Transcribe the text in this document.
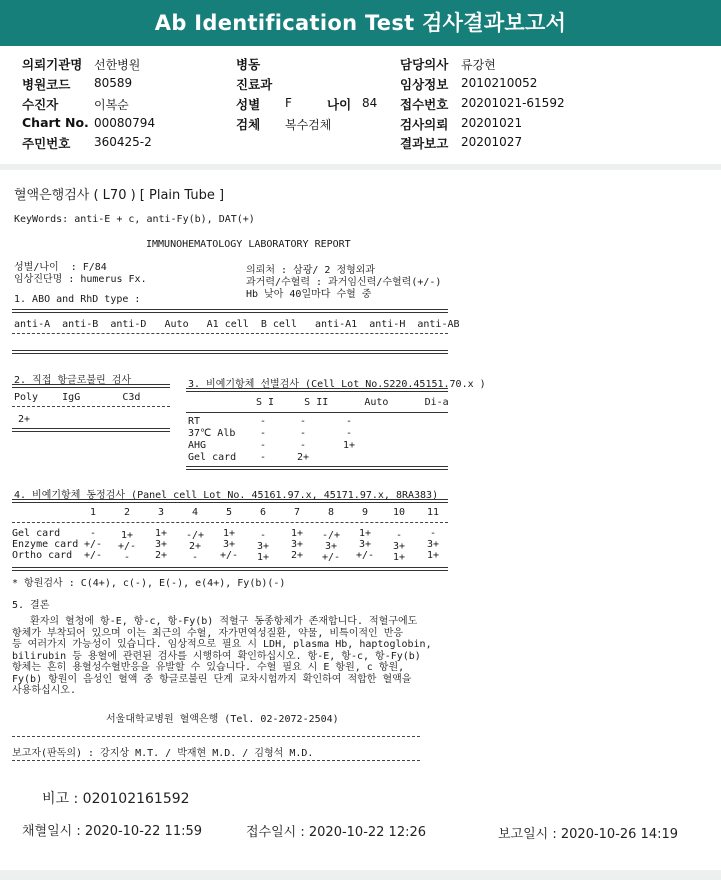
Ab Identification Test 검사결과보고서
의뢰기관명 선한병원
병원코드 80589
수진자	이복순
Chart No. 00080794
주민번호 360425-2
병동
진료과
성별 F	나이 84
검체 복수검체
담당의사 류강현
임상정보 2010210052
접수번호 20201021-61592
검사의뢰 20201021
결과보고 20201027
혈액은행검사 ( L70 ) [ Plain Tube ]
KeyWords: anti-E + c, anti-Fy(b), DAT(+)
IMMUNOHEMATOLOGY LABORATORY REPORT
성별/나이  : F/84
임상진단명 : humerus Fx.
의뢰처 : 삼광/ 2 정형외과
과거력/수혈력 : 과거임신력/수혈력(+/-)
Hb 낮아 40일마다 수혈 중
1. ABO and RhD type :
anti-A  anti-B  anti-D   Auto   A1 cell  B cell   anti-A1  anti-H  anti-AB
2. 직접 항글로불린 검사
Poly    IgG       C3d
2+
3. 비예기항체 선별검사 (Cell Lot No.S220.45151.70.x )
S I     S II      Auto      Di-a
4. 비예기항체 동정검사 (Panel cell Lot No. 45161.97.x, 45171.97.x, 8RA383)
* 항원검사 : C(4+), c(-), E(-), e(4+), Fy(b)(-)
5. 결론
서울대학교병원 혈액은행 (Tel. 02-2072-2504)
보고자(판독의) : 강지상 M.T. / 박재현 M.D. / 김형석 M.D.
비고 : 020102161592
채혈일시 : 2020-10-22 11:59	접수일시 : 2020-10-22 12:26	보고일시 : 2020-10-26 14:19
RT	-	-	-
37℃ Alb	-	-	-
AHG	-	-	1+
Gel card	-	2+
1	2	3	4	5	6	7	8	9	10	11
Gel card	-	1+	1+	-/+	1+	-	1+	-/+	1+	-	-
Enzyme card +/-	+/-	3+	2+	3+	3+	3+	3+	3+	3+	3+
Ortho card	+/-	-	2+	-	+/-	1+	2+	+/-	+/-	1+	1+
환자의 혈청에 항-E, 항-c, 항-Fy(b) 적혈구 동종항체가 존재합니다. 적혈구에도
항체가 부착되어 있으며 이는 최근의 수혈, 자가면역성질환, 약물, 비특이적인 반응
등 여러가지 가능성이 있습니다. 임상적으로 필요 시 LDH, plasma Hb, haptoglobin,
bilirubin 등 용혈에 관련된 검사를 시행하여 확인하십시오. 항-E, 항-c, 항-Fy(b)
항체는 흔히 용혈성수혈반응을 유발할 수 있습니다. 수혈 필요 시 E 항원, c 항원,
Fy(b) 항원이 음성인 혈액 중 항글로불린 단계 교차시험까지 확인하여 적합한 혈액을
사용하십시오.
